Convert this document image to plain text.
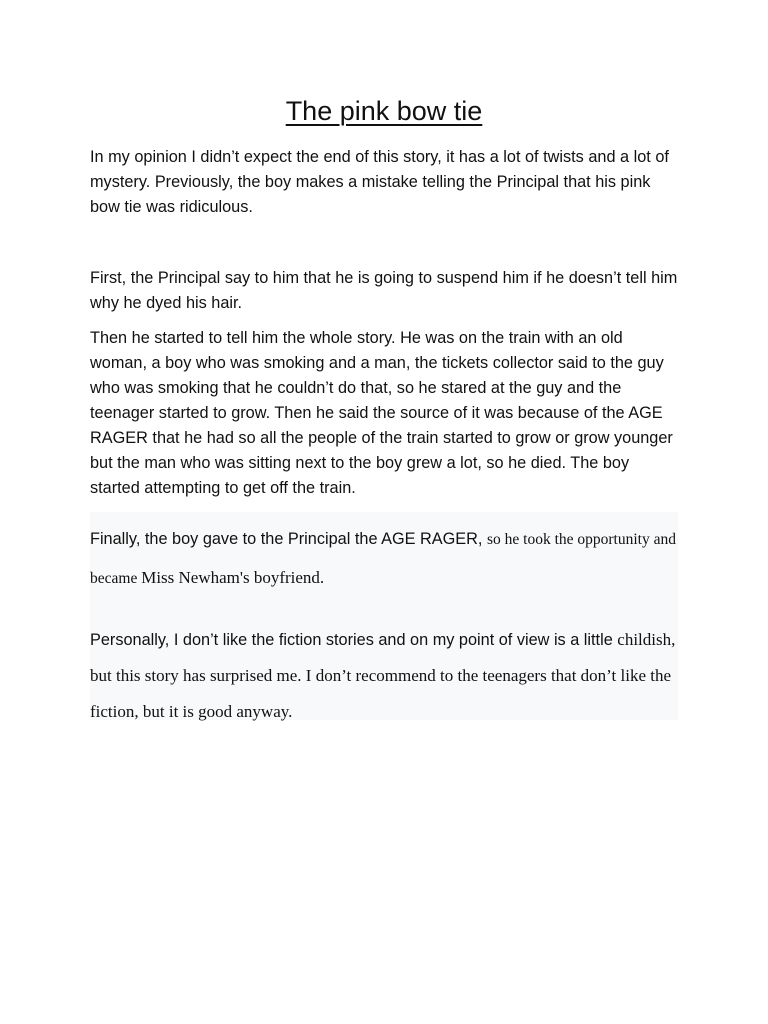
The pink bow tie

In my opinion I didn’t expect the end of this story, it has a lot of twists and a lot of mystery. Previously, the boy makes a mistake telling the Principal that his pink bow tie was ridiculous.

First, the Principal say to him that he is going to suspend him if he doesn’t tell him why he dyed his hair.

Then he started to tell him the whole story. He was on the train with an old woman, a boy who was smoking and a man, the tickets collector said to the guy who was smoking that he couldn’t do that, so he stared at the guy and the teenager started to grow. Then he said the source of it was because of the AGE RAGER that he had so all the people of the train started to grow or grow younger but the man who was sitting next to the boy grew a lot, so he died. The boy started attempting to get off the train.

Finally, the boy gave to the Principal the AGE RAGER, so he took the opportunity and became Miss Newham's boyfriend.

Personally, I don’t like the fiction stories and on my point of view is a little childish, but this story has surprised me. I don’t recommend to the teenagers that don’t like the fiction, but it is good anyway.
